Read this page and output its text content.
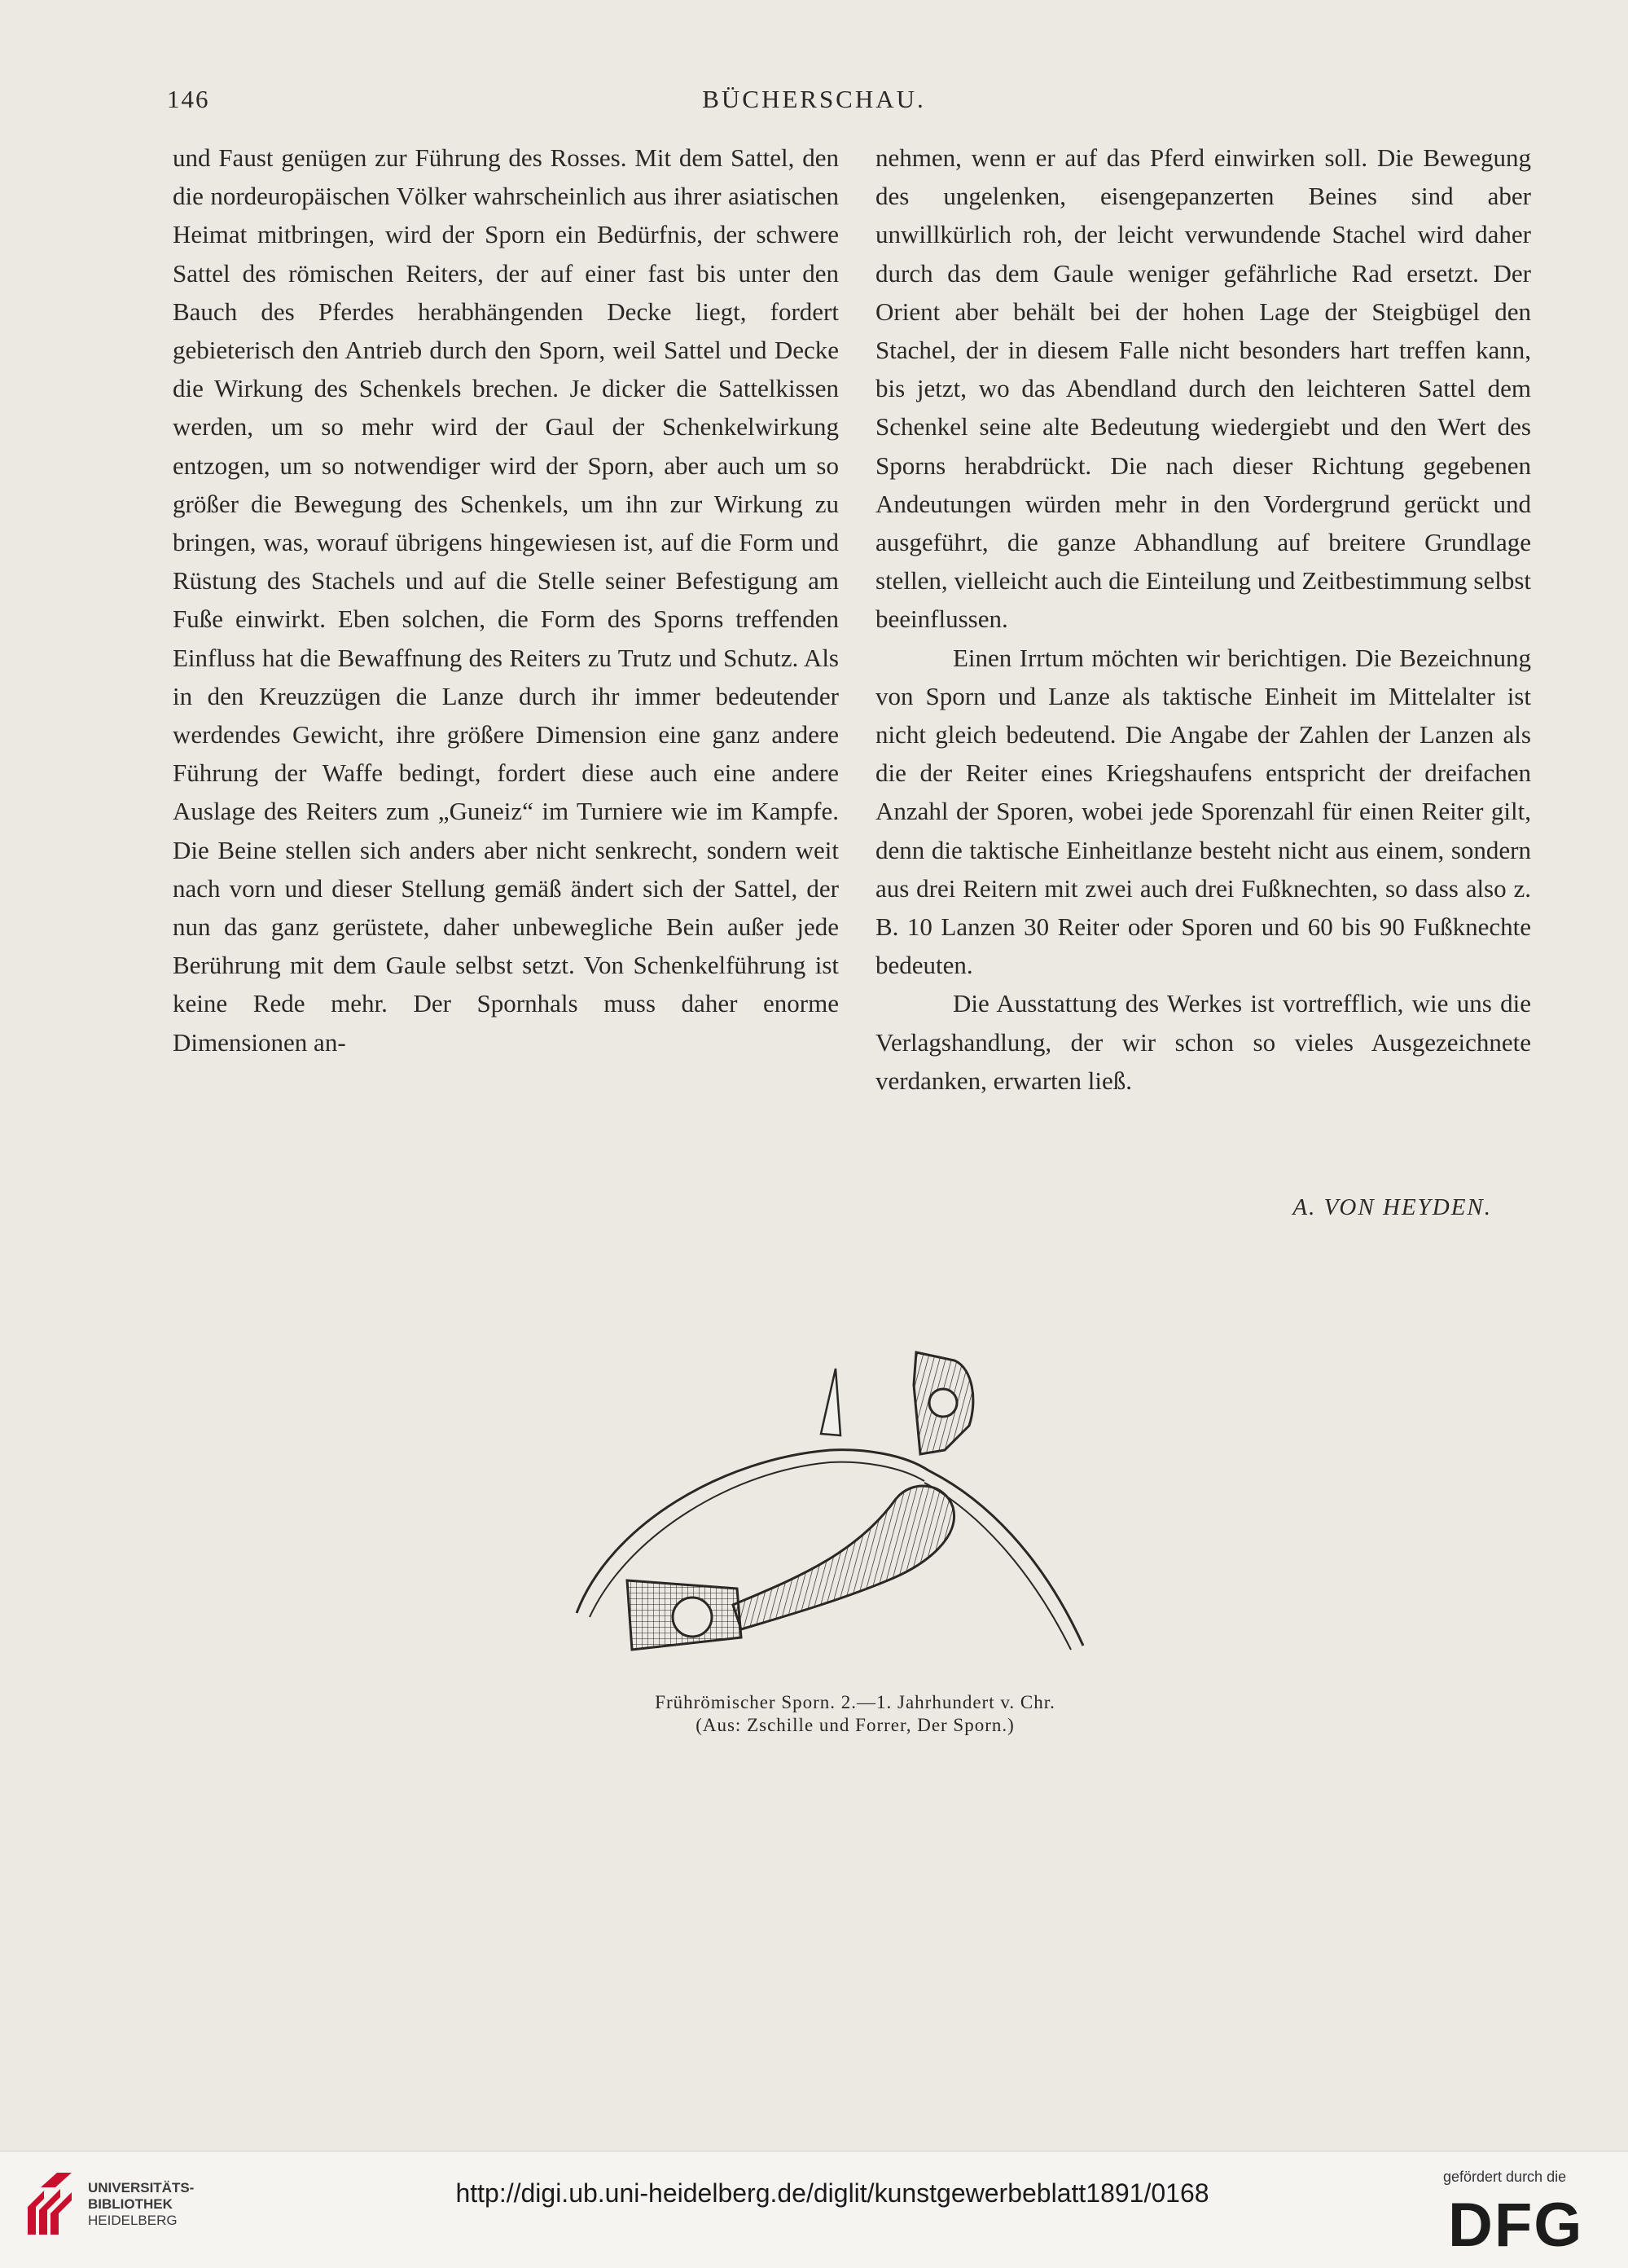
146	BÜCHERSCHAU.

und Faust genügen zur Führung des Rosses. Mit dem Sattel, den die nordeuropäischen Völker wahrscheinlich aus ihrer asiatischen Heimat mitbringen, wird der Sporn ein Bedürfnis, der schwere Sattel des römischen Reiters, der auf einer fast bis unter den Bauch des Pferdes herabhängenden Decke liegt, fordert gebieterisch den Antrieb durch den Sporn, weil Sattel und Decke die Wirkung des Schenkels brechen. Je dicker die Sattelkissen werden, um so mehr wird der Gaul der Schenkelwirkung entzogen, um so notwendiger wird der Sporn, aber auch um so größer die Bewegung des Schenkels, um ihn zur Wirkung zu bringen, was, worauf übrigens hingewiesen ist, auf die Form und Rüstung des Stachels und auf die Stelle seiner Befestigung am Fuße einwirkt. Eben solchen, die Form des Sporns treffenden Einfluss hat die Bewaffnung des Reiters zu Trutz und Schutz. Als in den Kreuzzügen die Lanze durch ihr immer bedeutender werdendes Gewicht, ihre größere Dimension eine ganz andere Führung der Waffe bedingt, fordert diese auch eine andere Auslage des Reiters zum „Guneiz“ im Turniere wie im Kampfe. Die Beine stellen sich anders aber nicht senkrecht, sondern weit nach vorn und dieser Stellung gemäß ändert sich der Sattel, der nun das ganz gerüstete, daher unbewegliche Bein außer jede Berührung mit dem Gaule selbst setzt. Von Schenkelführung ist keine Rede mehr. Der Spornhals muss daher enorme Dimensionen an-

nehmen, wenn er auf das Pferd einwirken soll. Die Bewegung des ungelenken, eisengepanzerten Beines sind aber unwillkürlich roh, der leicht verwundende Stachel wird daher durch das dem Gaule weniger gefährliche Rad ersetzt. Der Orient aber behält bei der hohen Lage der Steigbügel den Stachel, der in diesem Falle nicht besonders hart treffen kann, bis jetzt, wo das Abendland durch den leichteren Sattel dem Schenkel seine alte Bedeutung wiedergiebt und den Wert des Sporns herabdrückt. Die nach dieser Richtung gegebenen Andeutungen würden mehr in den Vordergrund gerückt und ausgeführt, die ganze Abhandlung auf breitere Grundlage stellen, vielleicht auch die Einteilung und Zeitbestimmung selbst beeinflussen.

Einen Irrtum möchten wir berichtigen. Die Bezeichnung von Sporn und Lanze als taktische Einheit im Mittelalter ist nicht gleich bedeutend. Die Angabe der Zahlen der Lanzen als die der Reiter eines Kriegshaufens entspricht der dreifachen Anzahl der Sporen, wobei jede Sporenzahl für einen Reiter gilt, denn die taktische Einheitlanze besteht nicht aus einem, sondern aus drei Reitern mit zwei auch drei Fußknechten, so dass also z. B. 10 Lanzen 30 Reiter oder Sporen und 60 bis 90 Fußknechte bedeuten.

Die Ausstattung des Werkes ist vortrefflich, wie uns die Verlagshandlung, der wir schon so vieles Ausgezeichnete verdanken, erwarten ließ.

A. VON HEYDEN.
Frührömischer Sporn. 2.—1. Jahrhundert v. Chr.
(Aus: Zschille und Forrer, Der Sporn.)
UNIVERSITÄTS-
BIBLIOTHEK
HEIDELBERG
http://digi.ub.uni-heidelberg.de/diglit/kunstgewerbeblatt1891/0168
gefördert durch die
DFG
